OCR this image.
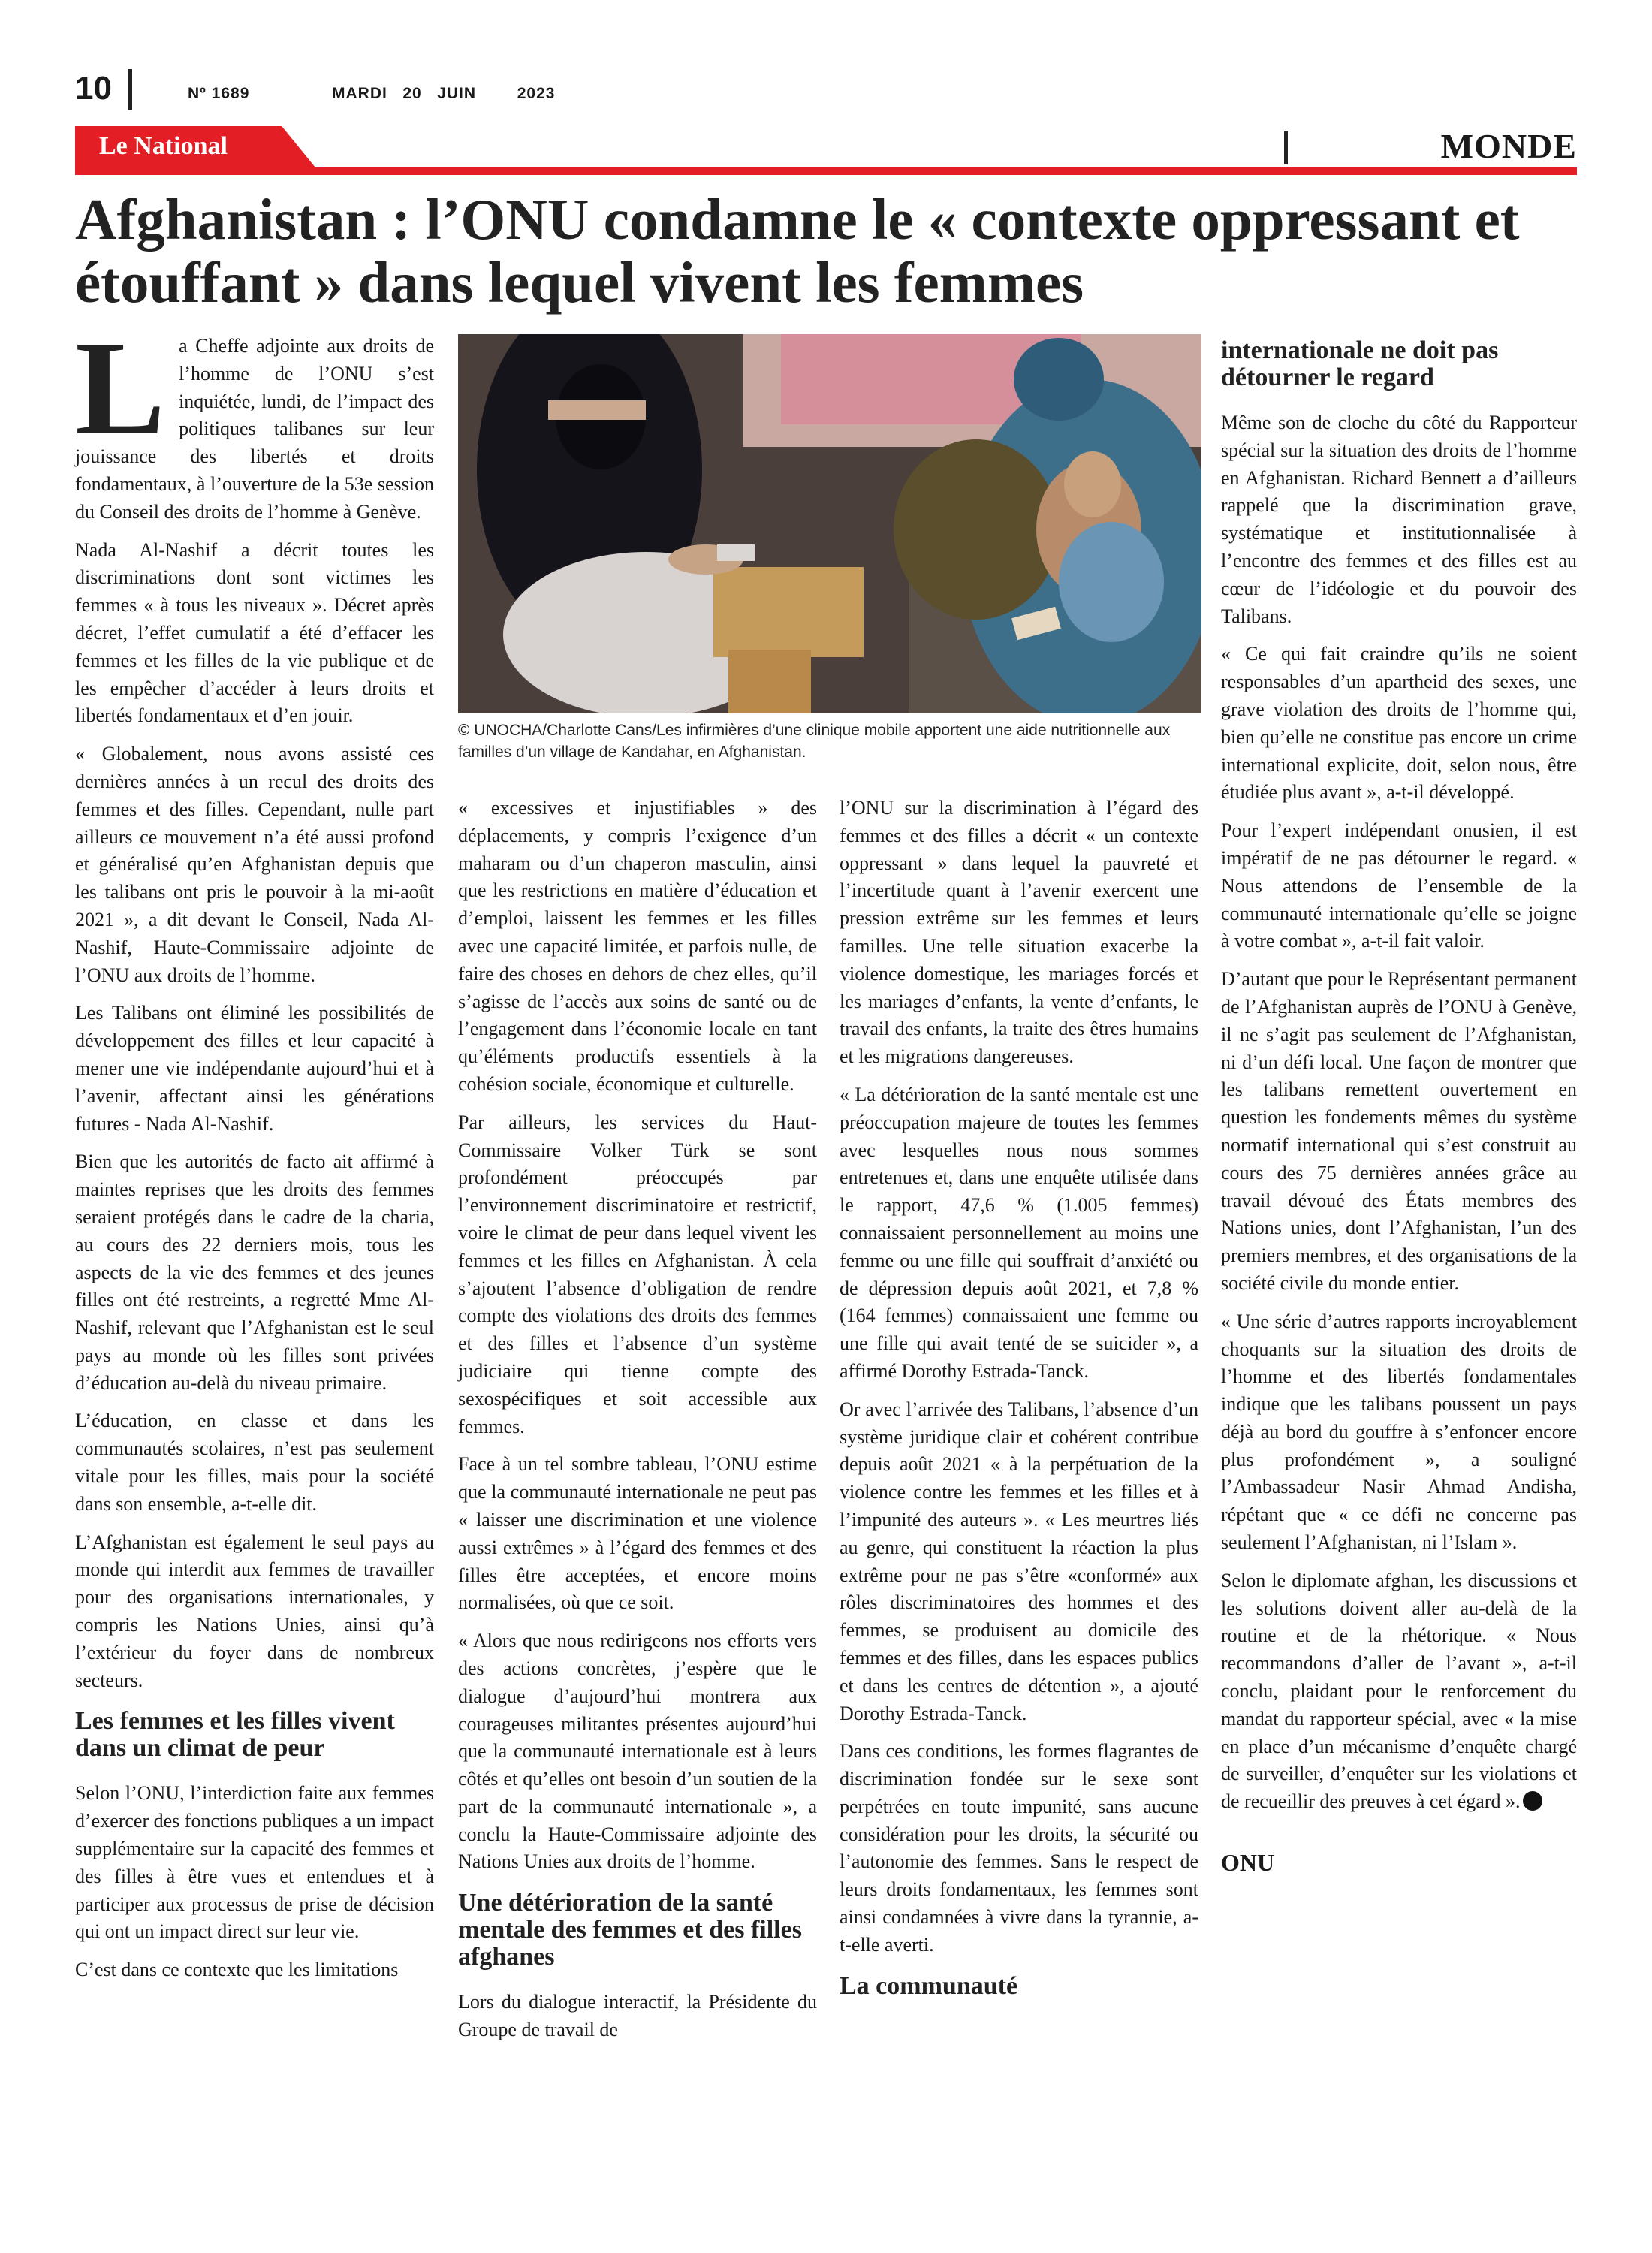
10	Nº 1689	MARDI   20   JUIN        2023
Le National	MONDE
Afghanistan : l’ONU condamne le « contexte oppressant et étouffant » dans lequel vivent les femmes
© UNOCHA/Charlotte Cans/Les infirmières d’une clinique mobile apportent une aide nutritionnelle aux familles d’un village de Kandahar, en Afghanistan.

La Cheffe adjointe aux droits de l’homme de l’ONU s’est inquiétée, lundi, de l’impact des politiques talibanes sur leur jouissance des libertés et droits fondamentaux, à l’ouverture de la 53e session du Conseil des droits de l’homme à Genève.

Nada Al-Nashif a décrit toutes les discriminations dont sont victimes les femmes « à tous les niveaux ». Décret après décret, l’effet cumulatif a été d’effacer les femmes et les filles de la vie publique et de les empêcher d’accéder à leurs droits et libertés fondamentaux et d’en jouir.

« Globalement, nous avons assisté ces dernières années à un recul des droits des femmes et des filles. Cependant, nulle part ailleurs ce mouvement n’a été aussi profond et généralisé qu’en Afghanistan depuis que les talibans ont pris le pouvoir à la mi-août 2021 », a dit devant le Conseil, Nada Al-Nashif, Haute-Commissaire adjointe de l’ONU aux droits de l’homme.

Les Talibans ont éliminé les possibilités de développement des filles et leur capacité à mener une vie indépendante aujourd’hui et à l’avenir, affectant ainsi les générations futures - Nada Al-Nashif.

Bien que les autorités de facto ait affirmé à maintes reprises que les droits des femmes seraient protégés dans le cadre de la charia, au cours des 22 derniers mois, tous les aspects de la vie des femmes et des jeunes filles ont été restreints, a regretté Mme Al-Nashif, relevant que l’Afghanistan est le seul pays au monde où les filles sont privées d’éducation au-delà du niveau primaire.

L’éducation, en classe et dans les communautés scolaires, n’est pas seulement vitale pour les filles, mais pour la société dans son ensemble, a-t-elle dit.

L’Afghanistan est également le seul pays au monde qui interdit aux femmes de travailler pour des organisations internationales, y compris les Nations Unies, ainsi qu’à l’extérieur du foyer dans de nombreux secteurs.

Les femmes et les filles vivent dans un climat de peur

Selon l’ONU, l’interdiction faite aux femmes d’exercer des fonctions publiques a un impact supplémentaire sur la capacité des femmes et des filles à être vues et entendues et à participer aux processus de prise de décision qui ont un impact direct sur leur vie.

C’est dans ce contexte que les limitations

« excessives et injustifiables » des déplacements, y compris l’exigence d’un maharam ou d’un chaperon masculin, ainsi que les restrictions en matière d’éducation et d’emploi, laissent les femmes et les filles avec une capacité limitée, et parfois nulle, de faire des choses en dehors de chez elles, qu’il s’agisse de l’accès aux soins de santé ou de l’engagement dans l’économie locale en tant qu’éléments productifs essentiels à la cohésion sociale, économique et culturelle.

Par ailleurs, les services du Haut-Commissaire Volker Türk se sont profondément préoccupés par l’environnement discriminatoire et restrictif, voire le climat de peur dans lequel vivent les femmes et les filles en Afghanistan. À cela s’ajoutent l’absence d’obligation de rendre compte des violations des droits des femmes et des filles et l’absence d’un système judiciaire qui tienne compte des sexospécifiques et soit accessible aux femmes.

Face à un tel sombre tableau, l’ONU estime que la communauté internationale ne peut pas « laisser une discrimination et une violence aussi extrêmes » à l’égard des femmes et des filles être acceptées, et encore moins normalisées, où que ce soit.

« Alors que nous redirigeons nos efforts vers des actions concrètes, j’espère que le dialogue d’aujourd’hui montrera aux courageuses militantes présentes aujourd’hui que la communauté internationale est à leurs côtés et qu’elles ont besoin d’un soutien de la part de la communauté internationale », a conclu la Haute-Commissaire adjointe des Nations Unies aux droits de l’homme.

Une détérioration de la santé mentale des femmes et des filles afghanes

Lors du dialogue interactif, la Présidente du Groupe de travail de

l’ONU sur la discrimination à l’égard des femmes et des filles a décrit « un contexte oppressant » dans lequel la pauvreté et l’incertitude quant à l’avenir exercent une pression extrême sur les femmes et leurs familles. Une telle situation exacerbe la violence domestique, les mariages forcés et les mariages d’enfants, la vente d’enfants, le travail des enfants, la traite des êtres humains et les migrations dangereuses.

« La détérioration de la santé mentale est une préoccupation majeure de toutes les femmes avec lesquelles nous nous sommes entretenues et, dans une enquête utilisée dans le rapport, 47,6 % (1.005 femmes) connaissaient personnellement au moins une femme ou une fille qui souffrait d’anxiété ou de dépression depuis août 2021, et 7,8 % (164 femmes) connaissaient une femme ou une fille qui avait tenté de se suicider », a affirmé Dorothy Estrada-Tanck.

Or avec l’arrivée des Talibans, l’absence d’un système juridique clair et cohérent contribue depuis août 2021 « à la perpétuation de la violence contre les femmes et les filles et à l’impunité des auteurs ». « Les meurtres liés au genre, qui constituent la réaction la plus extrême pour ne pas s’être «conformé» aux rôles discriminatoires des hommes et des femmes, se produisent au domicile des femmes et des filles, dans les espaces publics et dans les centres de détention », a ajouté Dorothy Estrada-Tanck.

Dans ces conditions, les formes flagrantes de discrimination fondée sur le sexe sont perpétrées en toute impunité, sans aucune considération pour les droits, la sécurité ou l’autonomie des femmes. Sans le respect de leurs droits fondamentaux, les femmes sont ainsi condamnées à vivre dans la tyrannie, a-t-elle averti.

La communauté
internationale ne doit pas détourner le regard

Même son de cloche du côté du Rapporteur spécial sur la situation des droits de l’homme en Afghanistan. Richard Bennett a d’ailleurs rappelé que la discrimination grave, systématique et institutionnalisée à l’encontre des femmes et des filles est au cœur de l’idéologie et du pouvoir des Talibans.

« Ce qui fait craindre qu’ils ne soient responsables d’un apartheid des sexes, une grave violation des droits de l’homme qui, bien qu’elle ne constitue pas encore un crime international explicite, doit, selon nous, être étudiée plus avant », a-t-il développé.

Pour l’expert indépendant onusien, il est impératif de ne pas détourner le regard. « Nous attendons de l’ensemble de la communauté internationale qu’elle se joigne à votre combat », a-t-il fait valoir.

D’autant que pour le Représentant permanent de l’Afghanistan auprès de l’ONU à Genève, il ne s’agit pas seulement de l’Afghanistan, ni d’un défi local. Une façon de montrer que les talibans remettent ouvertement en question les fondements mêmes du système normatif international qui s’est construit au cours des 75 dernières années grâce au travail dévoué des États membres des Nations unies, dont l’Afghanistan, l’un des premiers membres, et des organisations de la société civile du monde entier.

« Une série d’autres rapports incroyablement choquants sur la situation des droits de l’homme et des libertés fondamentales indique que les talibans poussent un pays déjà au bord du gouffre à s’enfoncer encore plus profondément », a souligné l’Ambassadeur Nasir Ahmad Andisha, répétant que « ce défi ne concerne pas seulement l’Afghanistan, ni l’Islam ».

Selon le diplomate afghan, les discussions et les solutions doivent aller au-delà de la routine et de la rhétorique. « Nous recommandons d’aller de l’avant », a-t-il conclu, plaidant pour le renforcement du mandat du rapporteur spécial, avec « la mise en place d’un mécanisme d’enquête chargé de surveiller, d’enquêter sur les violations et de recueillir des preuves à cet égard ».

ONU
